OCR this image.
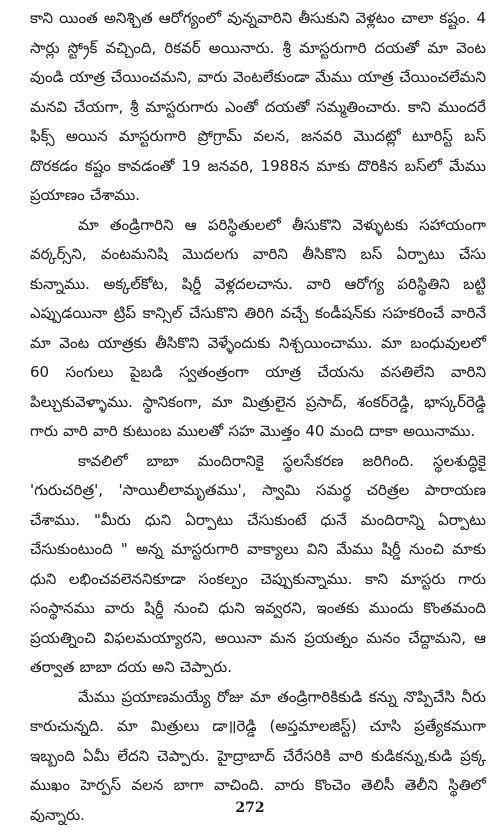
కాని యింత అనిశ్చిత ఆరోగ్యంలో వున్నవారిని తీసుకుని వెళ్లటం చాలా కష్టం. 4 సార్లు స్ట్రోక్ వచ్చింది, రికవర్ అయినారు. శ్రీ మాస్టరుగారి దయతో మా వెంట వుండి యాత్ర చేయించమని, వారు వెంటలేకుండా మేము యాత్ర చేయించలేమని మనవి చేయగా, శ్రీ మాస్టరుగారు ఎంతో దయతో సమ్మతించారు. కాని ముందరే ఫిక్స్ అయిన మాస్టరుగారి ప్రోగ్రామ్ వలన, జనవరి మొదట్లో టూరిస్ట్ బస్ దొరకడం కష్టం కావడంతో 19 జనవరి, 1988న మాకు దొరికిన బస్‌లో మేము ప్రయాణం చేశాము.

మా తండ్రిగారిని ఆ పరిస్థితులలో తీసుకొని వెళ్ళుటకు సహాయంగా వర్కర్స్‌ని, వంటమనిషి మొదలగు వారిని తీసికొని బస్ ఏర్పాటు చేసు కున్నాము. అక్కల్‌కోట, షిర్డీ వెళ్లదలచాను. వారి ఆరోగ్య పరిస్థితిని బట్టి ఎప్పుడయినా ట్రిప్ కాన్సిల్ చేసుకొని తిరిగి వచ్చే కండీషన్‌కు సహకరించే వారినే మా వెంట యాత్రకు తీసికొని వెళ్ళేందుకు నిశ్చయించాము. మా బంధువులలో 60 సంగులు పైబడి స్వతంత్రంగా యాత్ర చేయను వసతిలేని వారిని పిల్చుకువెళ్ళాము. స్థానికంగా, మా మిత్రులైన ప్రసాద్, శంకర్‌రెడ్డి, భాస్కర్‌రెడ్డి గారు వారి వారి కుటుంబ ములతో సహ మొత్తం 40 మంది దాకా అయినాము.

కావలిలో బాబా మందిరానికై స్థలసేకరణ జరిగింది. స్థలశుద్ధికై 'గురుచరిత్ర', 'సాయిలీలామృతము', స్వామి సమర్థ చరిత్రల పారాయణ చేశాము. "మీరు ధుని ఏర్పాటు చేసుకుంటే ధునే మందిరాన్ని ఏర్పాటు చేసుకుంటుంది " అన్న మాస్టరుగారి వాక్యాలు విని మేము షిర్డీ నుంచి మాకు ధుని లభించవలెననికూడా సంకల్పం చెప్పుకున్నాము. కాని మాస్టరు గారు సంస్థానము వారు షిర్డీ నుంచి ధుని ఇవ్వరని, ఇంతకు ముందు కొంతమంది ప్రయత్నించి విఫలమయ్యారని, అయినా మన ప్రయత్నం మనం చేద్దామని, ఆ తర్వాత బాబా దయ అని చెప్పారు.

మేము ప్రయాణమయ్యే రోజు మా తండ్రిగారికికుడి కన్ను నొప్పిచేసి నీరు కారుచున్నది. మా మిత్రులు డా॥రెడ్డి (అప్తమాలజిస్ట్) చూసి ప్రత్యేకముగా ఇబ్బంది ఏమీ లేదని చెప్పారు. హైద్రాబాద్ చేరేసరికి వారి కుడికన్ను,కుడి ప్రక్క ముఖం హెర్పస్ వలన బాగా వాచింది. వారు కొంచెం తెలిసీ తెలీని స్థితిలో వున్నారు.	272
